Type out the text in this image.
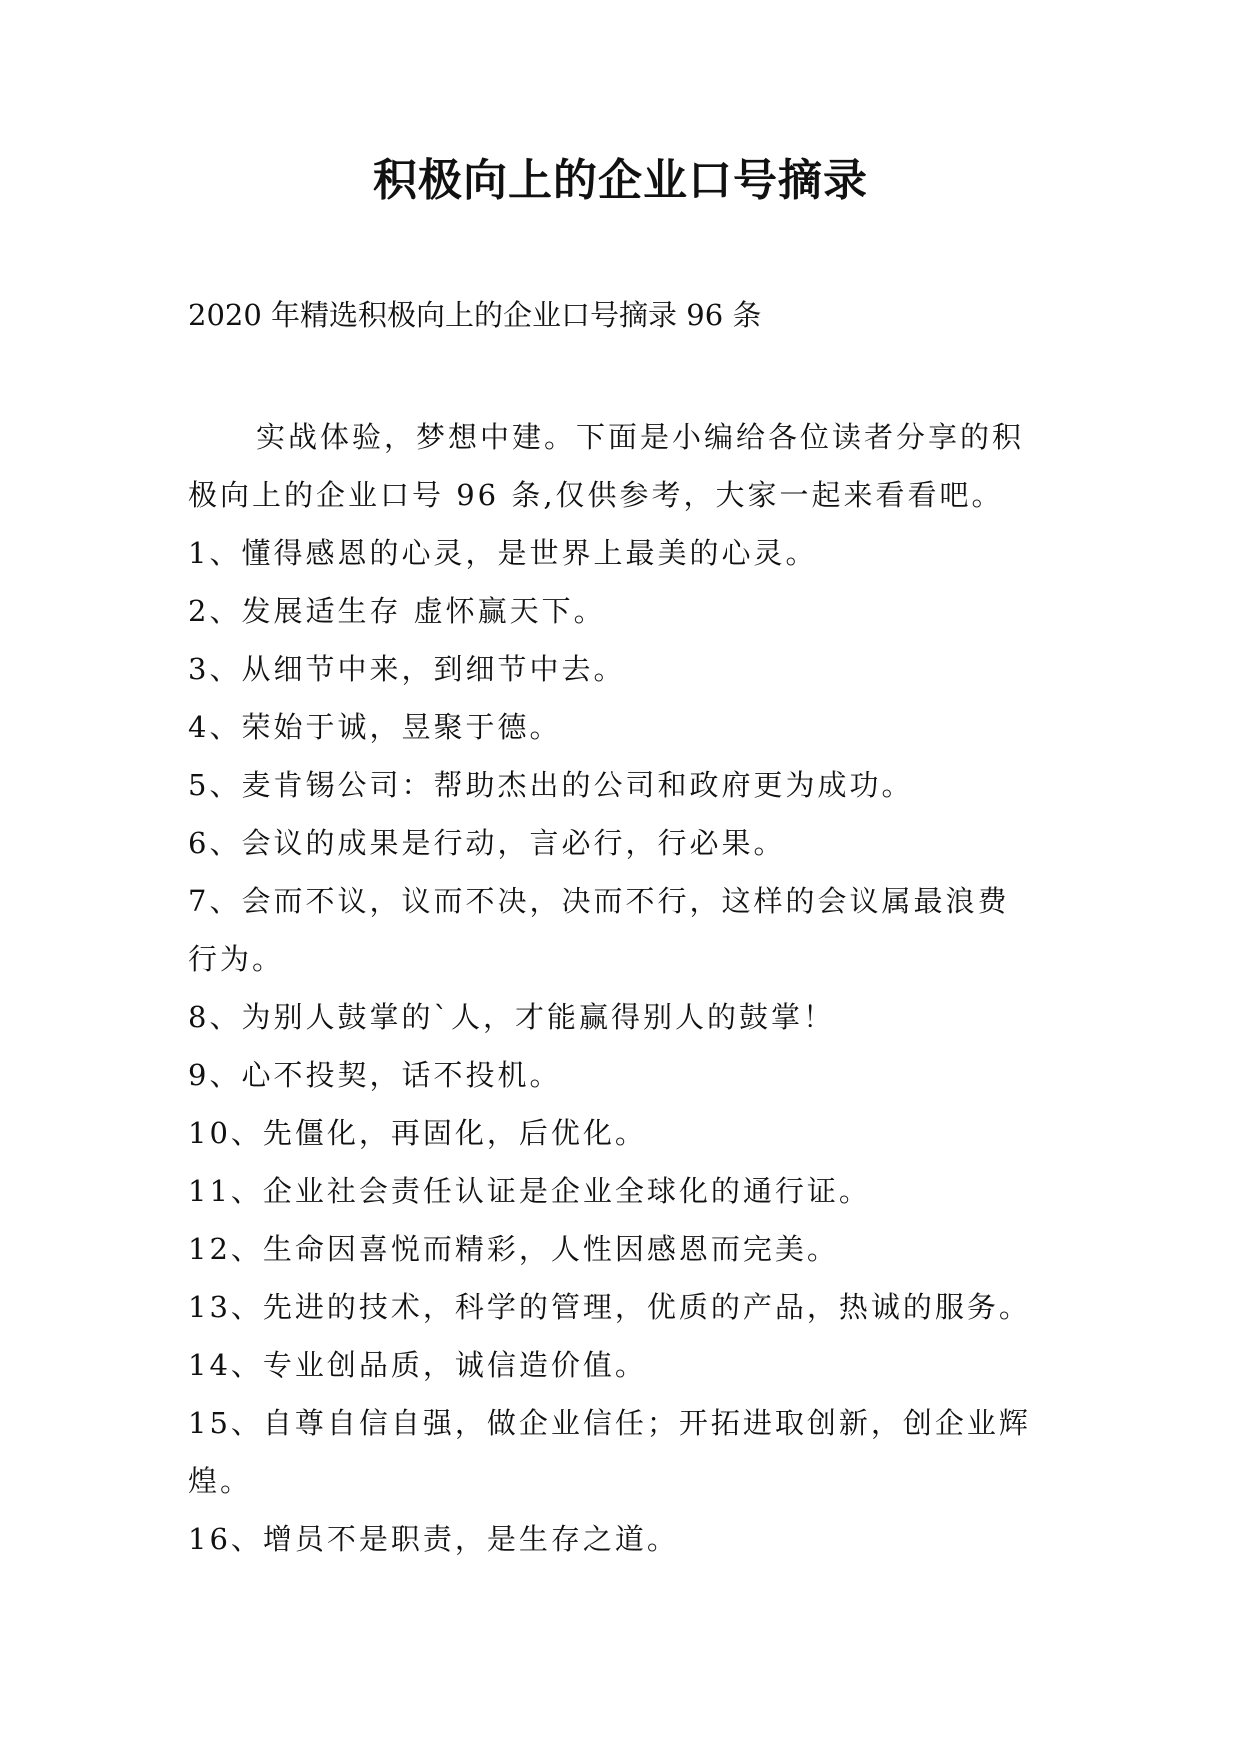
积极向上的企业口号摘录
2020 年精选积极向上的企业口号摘录 96 条
实战体验，梦想中建。下面是小编给各位读者分享的积
极向上的企业口号 96 条,仅供参考，大家一起来看看吧。
1、懂得感恩的心灵，是世界上最美的心灵。
2、发展适生存 虚怀赢天下。
3、从细节中来，到细节中去。
4、荣始于诚，昱聚于德。
5、麦肯锡公司：帮助杰出的公司和政府更为成功。
6、会议的成果是行动，言必行，行必果。
7、会而不议，议而不决，决而不行，这样的会议属最浪费
行为。
8、为别人鼓掌的`人，才能赢得别人的鼓掌！
9、心不投契，话不投机。
10、先僵化，再固化，后优化。
11、企业社会责任认证是企业全球化的通行证。
12、生命因喜悦而精彩，人性因感恩而完美。
13、先进的技术，科学的管理，优质的产品，热诚的服务。
14、专业创品质，诚信造价值。
15、自尊自信自强，做企业信任；开拓进取创新，创企业辉
煌。
16、增员不是职责，是生存之道。
